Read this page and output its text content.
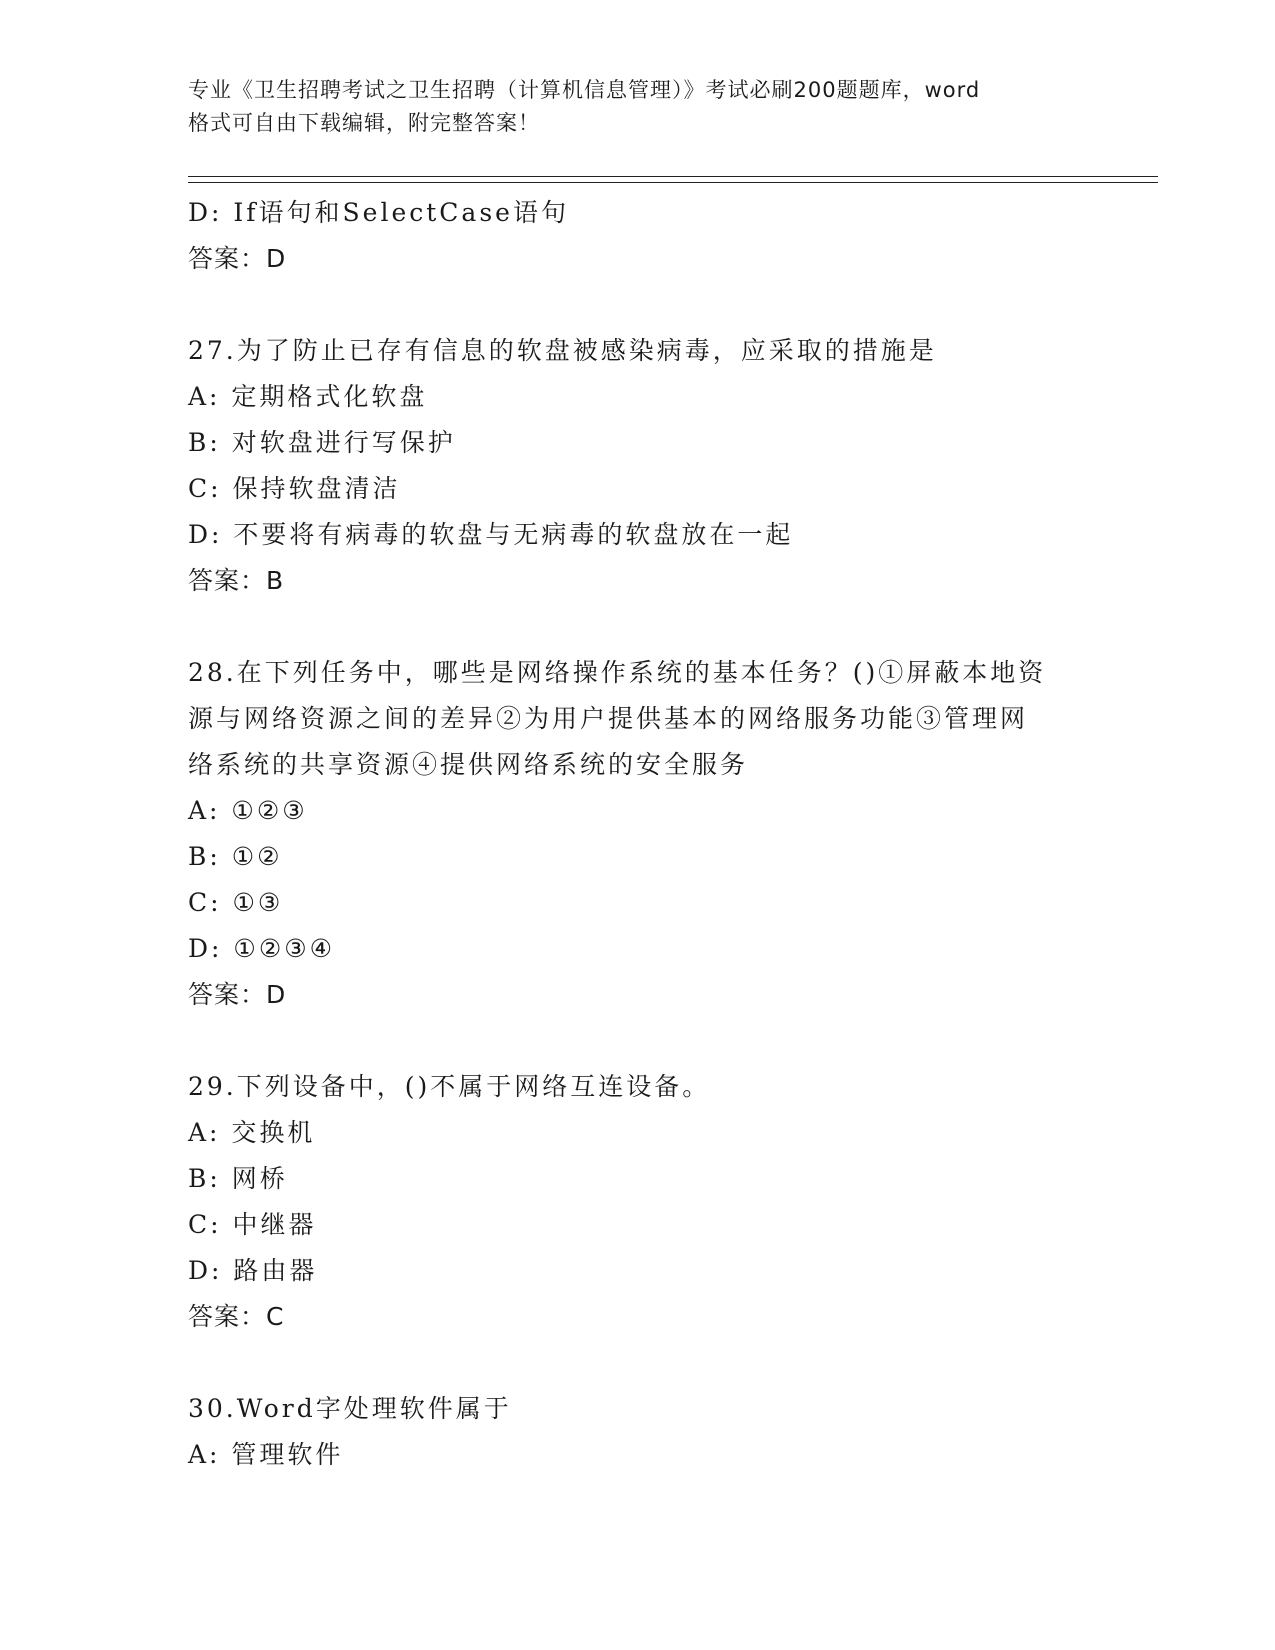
专业《卫生招聘考试之卫生招聘（计算机信息管理）》考试必刷200题题库，word
格式可自由下载编辑，附完整答案！
D: If语句和SelectCase语句
答案：D
27.为了防止已存有信息的软盘被感染病毒，应采取的措施是
A: 定期格式化软盘
B: 对软盘进行写保护
C: 保持软盘清洁
D: 不要将有病毒的软盘与无病毒的软盘放在一起
答案：B
28.在下列任务中，哪些是网络操作系统的基本任务？()①屏蔽本地资
源与网络资源之间的差异②为用户提供基本的网络服务功能③管理网
络系统的共享资源④提供网络系统的安全服务
A: ①②③
B: ①②
C: ①③
D: ①②③④
答案：D
29.下列设备中，()不属于网络互连设备。
A: 交换机
B: 网桥
C: 中继器
D: 路由器
答案：C
30.Word字处理软件属于
A: 管理软件
